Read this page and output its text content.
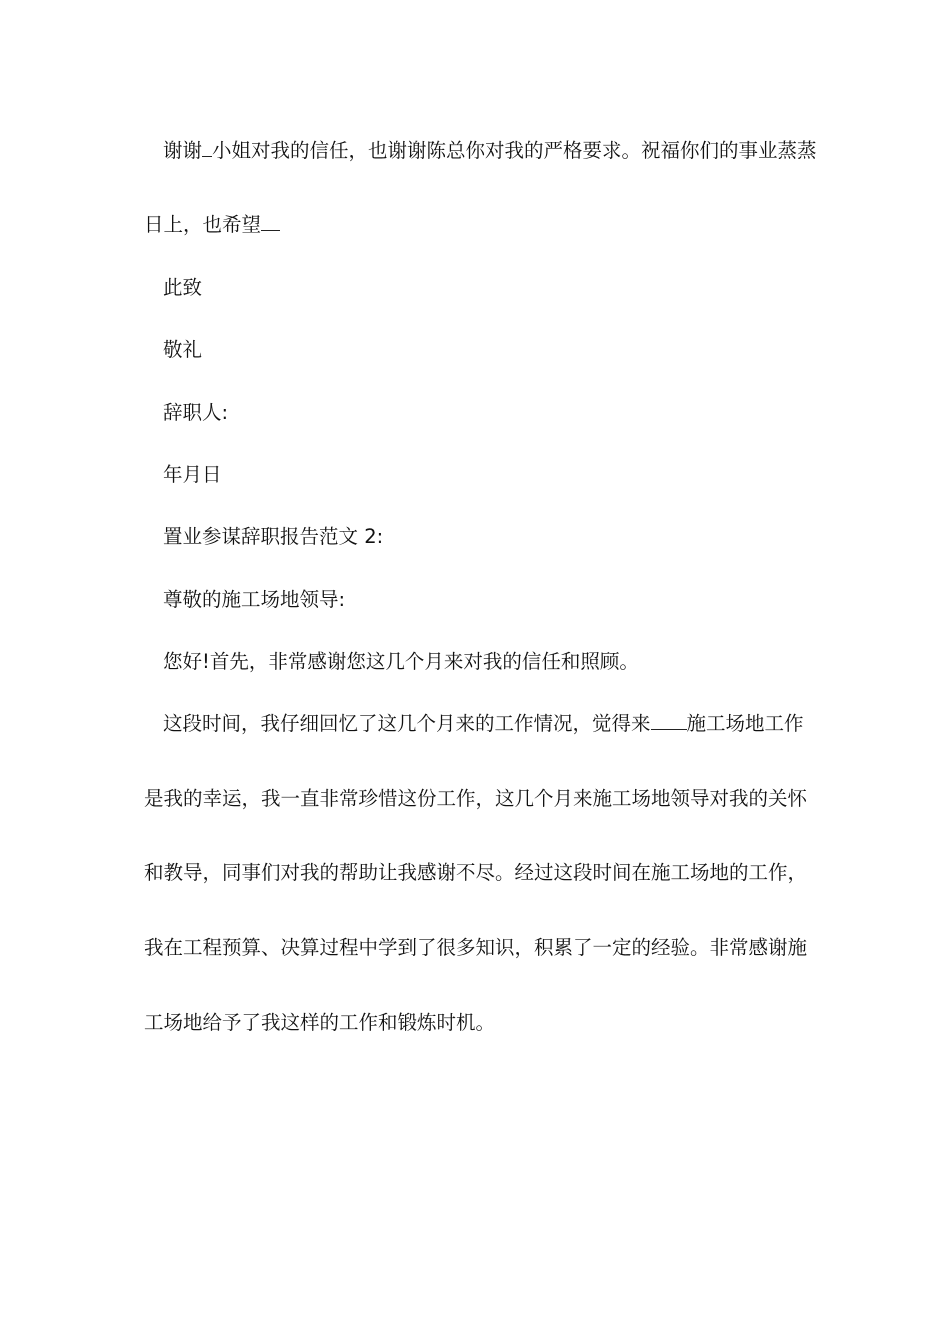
谢谢 小姐对我的信任，也谢谢陈总你对我的严格要求。祝福你们的事业蒸蒸
日上，也希望
此致
敬礼
辞职人:
年月日
置业参谋辞职报告范文 2:
尊敬的施工场地领导:
您好!首先，非常感谢您这几个月来对我的信任和照顾。
这段时间，我仔细回忆了这几个月来的工作情况，觉得来 施工场地工作
是我的幸运，我一直非常珍惜这份工作，这几个月来施工场地领导对我的关怀
和教导，同事们对我的帮助让我感谢不尽。经过这段时间在施工场地的工作，
我在工程预算、决算过程中学到了很多知识，积累了一定的经验。非常感谢施
工场地给予了我这样的工作和锻炼时机。
